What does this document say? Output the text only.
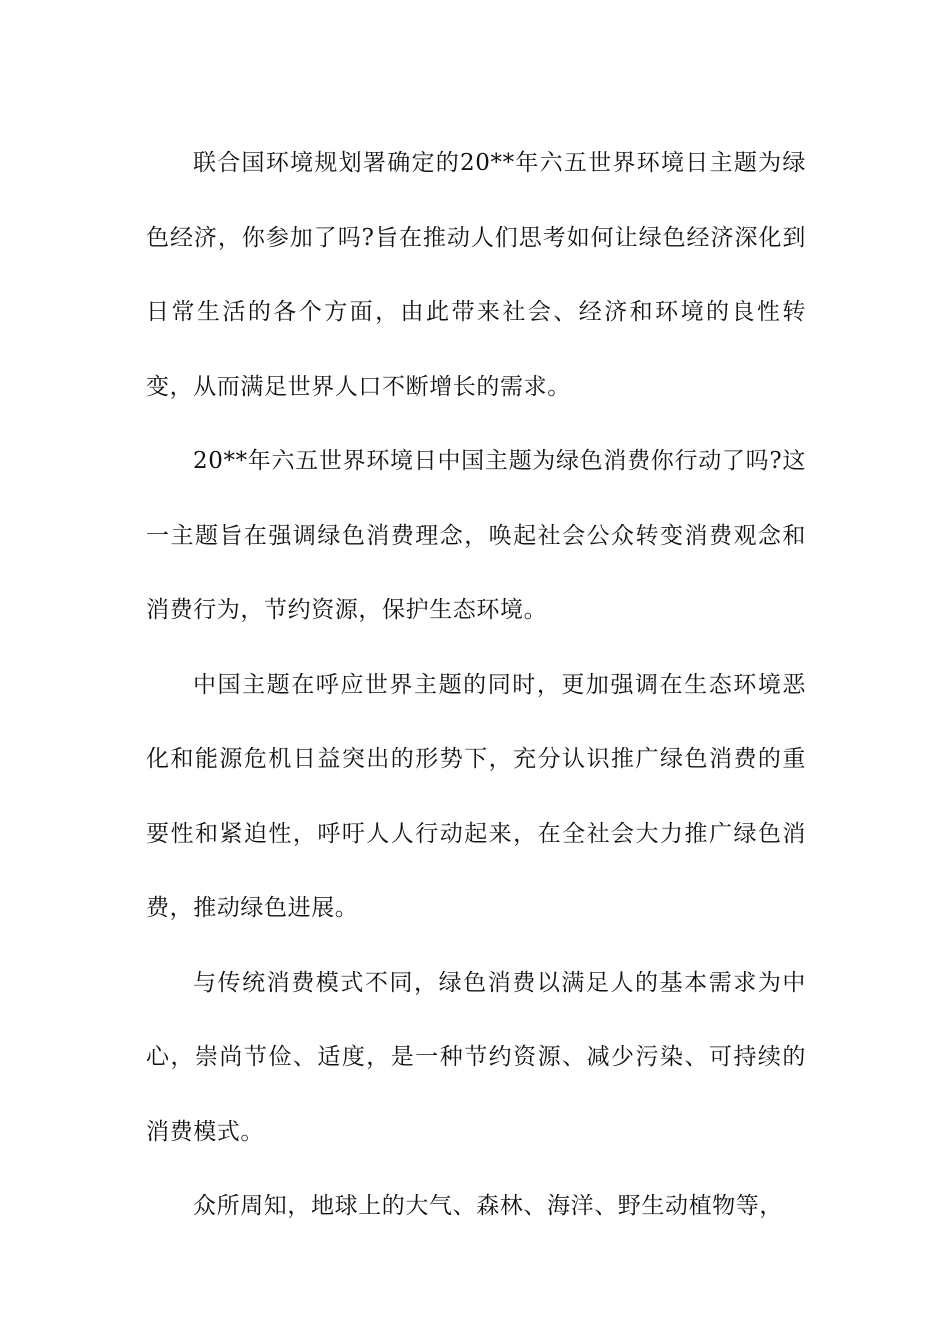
联合国环境规划署确定的20**年六五世界环境日主题为绿色经济，你参加了吗?旨在推动人们思考如何让绿色经济深化到日常生活的各个方面，由此带来社会、经济和环境的良性转变，从而满足世界人口不断增长的需求。

20**年六五世界环境日中国主题为绿色消费你行动了吗?这一主题旨在强调绿色消费理念，唤起社会公众转变消费观念和消费行为，节约资源，保护生态环境。

中国主题在呼应世界主题的同时，更加强调在生态环境恶化和能源危机日益突出的形势下，充分认识推广绿色消费的重要性和紧迫性，呼吁人人行动起来，在全社会大力推广绿色消费，推动绿色进展。

与传统消费模式不同，绿色消费以满足人的基本需求为中心，崇尚节俭、适度，是一种节约资源、减少污染、可持续的消费模式。

众所周知，地球上的大气、森林、海洋、野生动植物等，
